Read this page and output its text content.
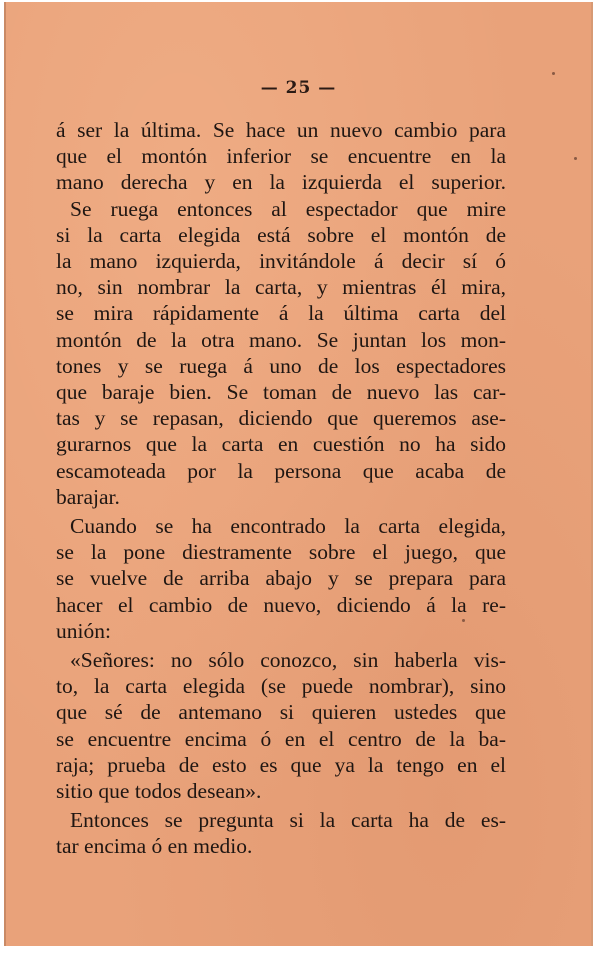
— 25 —
á ser la última. Se hace un nuevo cambio para
que el montón inferior se encuentre en la
mano derecha y en la izquierda el superior.
Se ruega entonces al espectador que mire
si la carta elegida está sobre el montón de
la mano izquierda, invitándole á decir sí ó
no, sin nombrar la carta, y mientras él mira,
se mira rápidamente á la última carta del
montón de la otra mano. Se juntan los mon-
tones y se ruega á uno de los espectadores
que baraje bien. Se toman de nuevo las car-
tas y se repasan, diciendo que queremos ase-
gurarnos que la carta en cuestión no ha sido
escamoteada por la persona que acaba de
barajar.
Cuando se ha encontrado la carta elegida,
se la pone diestramente sobre el juego, que
se vuelve de arriba abajo y se prepara para
hacer el cambio de nuevo, diciendo á la re-
unión:
«Señores: no sólo conozco, sin haberla vis-
to, la carta elegida (se puede nombrar), sino
que sé de antemano si quieren ustedes que
se encuentre encima ó en el centro de la ba-
raja; prueba de esto es que ya la tengo en el
sitio que todos desean».
Entonces se pregunta si la carta ha de es-
tar encima ó en medio.
